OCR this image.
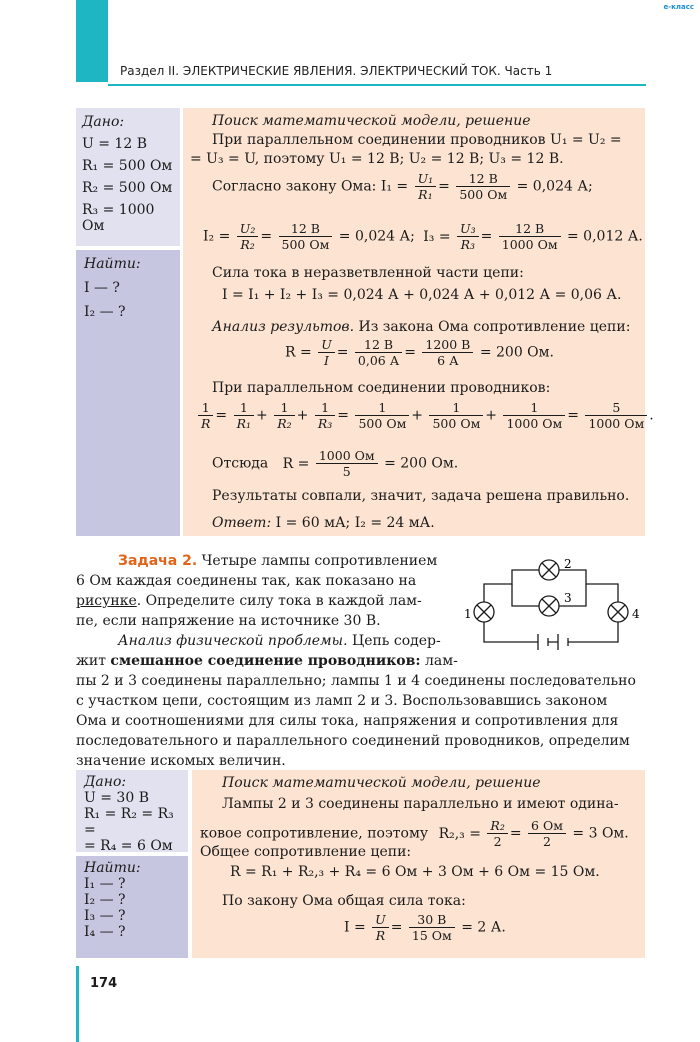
e-класс
Раздел II. ЭЛЕКТРИЧЕСКИЕ ЯВЛЕНИЯ. ЭЛЕКТРИЧЕСКИЙ ТОК. Часть 1
Дано:
U = 12 В
R₁ = 500 Ом
R₂ = 500 Ом
R₃ = 1000 Ом
Найти:
I — ?
I₂ — ?
Поиск математической модели, решение
При параллельном соединении проводников U₁ = U₂ =
= U₃ = U, поэтому U₁ = 12 В; U₂ = 12 В; U₃ = 12 В.
Согласно закону Ома: $I_1 = \frac{\text{U₁}}{\text{R₁}} = \frac{12 В}{500 Ом} = 0,024$ А;
$I_2 = \frac{\text{U₂}}{\text{R₂}} = \frac{12 В}{500 Ом} = 0,024$ А; $I_3 = \frac{\text{U₃}}{\text{R₃}} = \frac{12 В}{1000 Ом} = 0,012$ А.
Сила тока в неразветвленной части цепи:
I = I₁ + I₂ + I₃ = 0,024 А + 0,024 А + 0,012 А = 0,06 А.
Анализ результов. Из закона Ома сопротивление цепи:
$R = \frac{U}{I} = \frac{12 В}{0,06 А} = \frac{1200 В}{6 А} = 200$ Ом.
При параллельном соединении проводников:
$\frac{1}{R} = \frac{1}{\text{R₁}} + \frac{1}{\text{R₂}} + \frac{1}{\text{R₃}} = \frac{1}{500 Ом} + \frac{1}{500 Ом} + \frac{1}{1000 Ом} = \frac{5}{1000 Ом}$ .
Отсюда $R = \frac{1000 Ом}{5} = 200$ Ом.
Результаты совпали, значит, задача решена правильно.
Ответ: I = 60 мА; I₂ = 24 мА.
Задача 2. Четыре лампы сопротивлением
6 Ом каждая соединены так, как показано на
рисунке. Определите силу тока в каждой лам-
пе, если напряжение на источнике 30 В.
Анализ физической проблемы. Цепь содер-
жит смешанное соединение проводников: лам-
пы 2 и 3 соединены параллельно; лампы 1 и 4 соединены последовательно
с участком цепи, состоящим из ламп 2 и 3. Воспользовавшись законом
Ома и соотношениями для силы тока, напряжения и сопротивления для
последовательного и параллельного соединений проводников, определим
значение искомых величин.
1
2
3
4
Дано:
U = 30 В
R₁ = R₂ = R₃ =
= R₄ = 6 Ом
Найти:
I₁ — ?
I₂ — ?
I₃ — ?
I₄ — ?
Поиск математической модели, решение
Лампы 2 и 3 соединены параллельно и имеют одина-
ковое сопротивление, поэтому $R_2,_3 = \frac{\text{R₂}}{2} = \frac{6 Ом}{2} = 3$ Ом.
Общее сопротивление цепи:
R = R₁ + R₂,₃ + R₄ = 6 Ом + 3 Ом + 6 Ом = 15 Ом.
По закону Ома общая сила тока:
$I = \frac{U}{R} = \frac{30 В}{15 Ом} = 2$ А.
174
